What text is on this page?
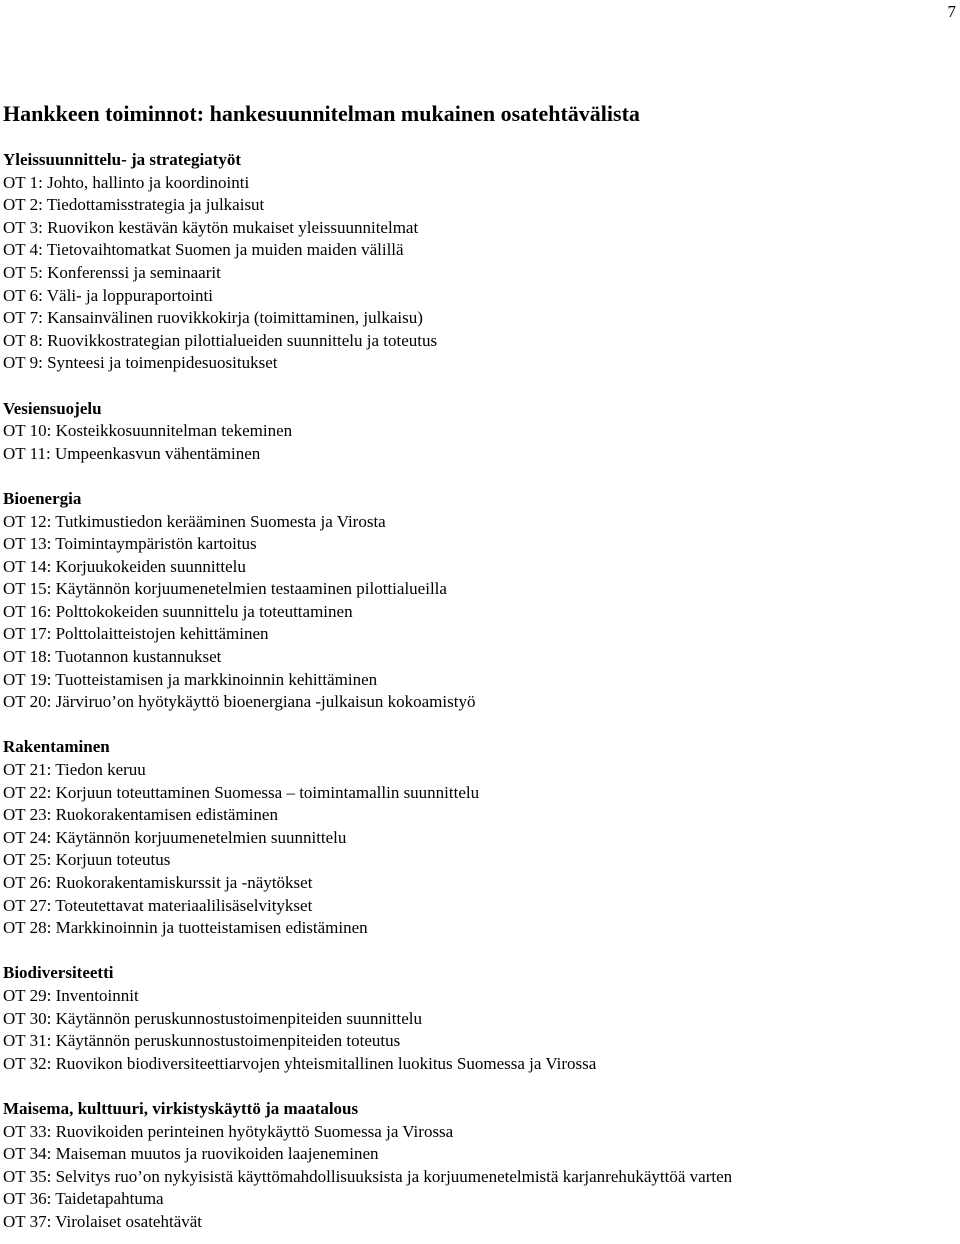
7
Hankkeen toiminnot: hankesuunnitelman mukainen osatehtävälista
Yleissuunnittelu- ja strategiatyöt
OT 1: Johto, hallinto ja koordinointi
OT 2: Tiedottamisstrategia ja julkaisut
OT 3: Ruovikon kestävän käytön mukaiset yleissuunnitelmat
OT 4: Tietovaihtomatkat Suomen ja muiden maiden välillä
OT 5: Konferenssi ja seminaarit
OT 6: Väli- ja loppuraportointi
OT 7: Kansainvälinen ruovikkokirja (toimittaminen, julkaisu)
OT 8: Ruovikkostrategian pilottialueiden suunnittelu ja toteutus
OT 9: Synteesi ja toimenpidesuositukset
Vesiensuojelu
OT 10: Kosteikkosuunnitelman tekeminen
OT 11: Umpeenkasvun vähentäminen
Bioenergia
OT 12: Tutkimustiedon kerääminen Suomesta ja Virosta
OT 13: Toimintaympäristön kartoitus
OT 14: Korjuukokeiden suunnittelu
OT 15: Käytännön korjuumenetelmien testaaminen pilottialueilla
OT 16: Polttokokeiden suunnittelu ja toteuttaminen
OT 17: Polttolaitteistojen kehittäminen
OT 18: Tuotannon kustannukset
OT 19: Tuotteistamisen ja markkinoinnin kehittäminen
OT 20: Järviruo’on hyötykäyttö bioenergiana -julkaisun kokoamistyö
Rakentaminen
OT 21: Tiedon keruu
OT 22: Korjuun toteuttaminen Suomessa – toimintamallin suunnittelu
OT 23: Ruokorakentamisen edistäminen
OT 24: Käytännön korjuumenetelmien suunnittelu
OT 25: Korjuun toteutus
OT 26: Ruokorakentamiskurssit ja -näytökset
OT 27: Toteutettavat materiaalilisäselvitykset
OT 28: Markkinoinnin ja tuotteistamisen edistäminen
Biodiversiteetti
OT 29: Inventoinnit
OT 30: Käytännön peruskunnostustoimenpiteiden suunnittelu
OT 31: Käytännön peruskunnostustoimenpiteiden toteutus
OT 32: Ruovikon biodiversiteettiarvojen yhteismitallinen luokitus Suomessa ja Virossa
Maisema, kulttuuri, virkistyskäyttö ja maatalous
OT 33: Ruovikoiden perinteinen hyötykäyttö Suomessa ja Virossa
OT 34: Maiseman muutos ja ruovikoiden laajeneminen
OT 35: Selvitys ruo’on nykyisistä käyttömahdollisuuksista ja korjuumenetelmistä karjanrehukäyttöä varten
OT 36: Taidetapahtuma
OT 37: Virolaiset osatehtävät
